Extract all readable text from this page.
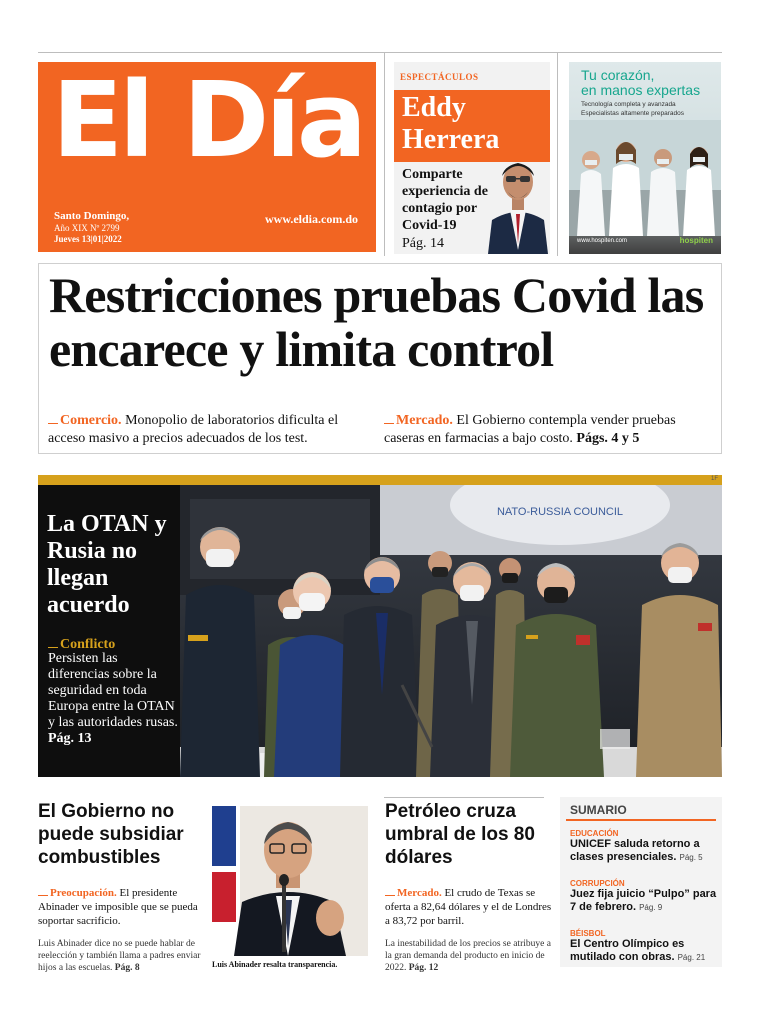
El Día
Santo Domingo,
Año XIX Nº 2799
Jueves 13|01|2022
www.eldia.com.do
ESPECTÁCULOS
Eddy
Herrera
Comparte experiencia de contagio por Covid-19
Pág. 14
Tu corazón,
en manos expertas
Tecnología completa y avanzada
Especialistas altamente preparados
www.hospiten.com	hospiten
Restricciones pruebas Covid las encarece y limita control
Comercio. Monopolio de laboratorios dificulta el acceso masivo a precios adecuados de los test.
Mercado. El Gobierno contempla vender pruebas caseras en farmacias a bajo costo. Págs. 4 y 5
1F
La OTAN y Rusia no llegan acuerdo
Conflicto
Persisten las diferencias sobre la seguridad en toda Europa entre la OTAN y las autoridades rusas. Pág. 13
NATO-RUSSIA COUNCIL
El Gobierno no puede subsidiar combustibles
Preocupación. El presidente Abinader ve imposible que se pueda soportar sacrificio.
Luis Abinader dice no se puede hablar de reelección y también llama a padres enviar hijos a las escuelas. Pág. 8	Luis Abinader resalta transparencia.
Petróleo cruza umbral de los 80 dólares
Mercado. El crudo de Texas se oferta a 82,64 dólares y el de Londres a 83,72 por barril.
La inestabilidad de los precios se atribuye a la gran demanda del producto en inicio de 2022. Pág. 12
SUMARIO
EDUCACIÓN
UNICEF saluda retorno a clases presenciales. Pág. 5
CORRUPCIÓN
Juez fija juicio “Pulpo” para 7 de febrero. Pág. 9
BÉISBOL
El Centro Olímpico es mutilado con obras. Pág. 21
